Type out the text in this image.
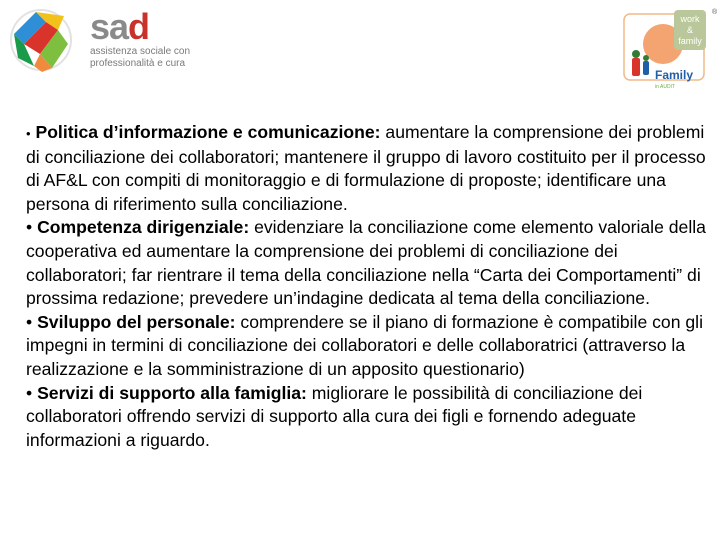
sad
assistenza sociale con
professionalità e cura
work
&
family
Family
in AUDIT
®

• Politica d’informazione e comunicazione: aumentare la comprensione dei problemi di conciliazione dei collaboratori; mantenere il gruppo di lavoro costituito per il processo di AF&L con compiti di monitoraggio e di formulazione di proposte; identificare una persona di riferimento sulla conciliazione.

• Competenza dirigenziale: evidenziare la conciliazione come elemento valoriale della cooperativa ed aumentare la comprensione dei problemi di conciliazione dei collaboratori; far rientrare il tema della conciliazione nella “Carta dei Comportamenti” di prossima redazione; prevedere un’indagine dedicata al tema della conciliazione.

• Sviluppo del personale: comprendere se il piano di formazione è compatibile con gli impegni in termini di conciliazione dei collaboratori e delle collaboratrici (attraverso la realizzazione e la somministrazione di un apposito questionario)

• Servizi di supporto alla famiglia: migliorare le possibilità di conciliazione dei collaboratori offrendo servizi di supporto alla cura dei figli e fornendo adeguate informazioni a riguardo.
